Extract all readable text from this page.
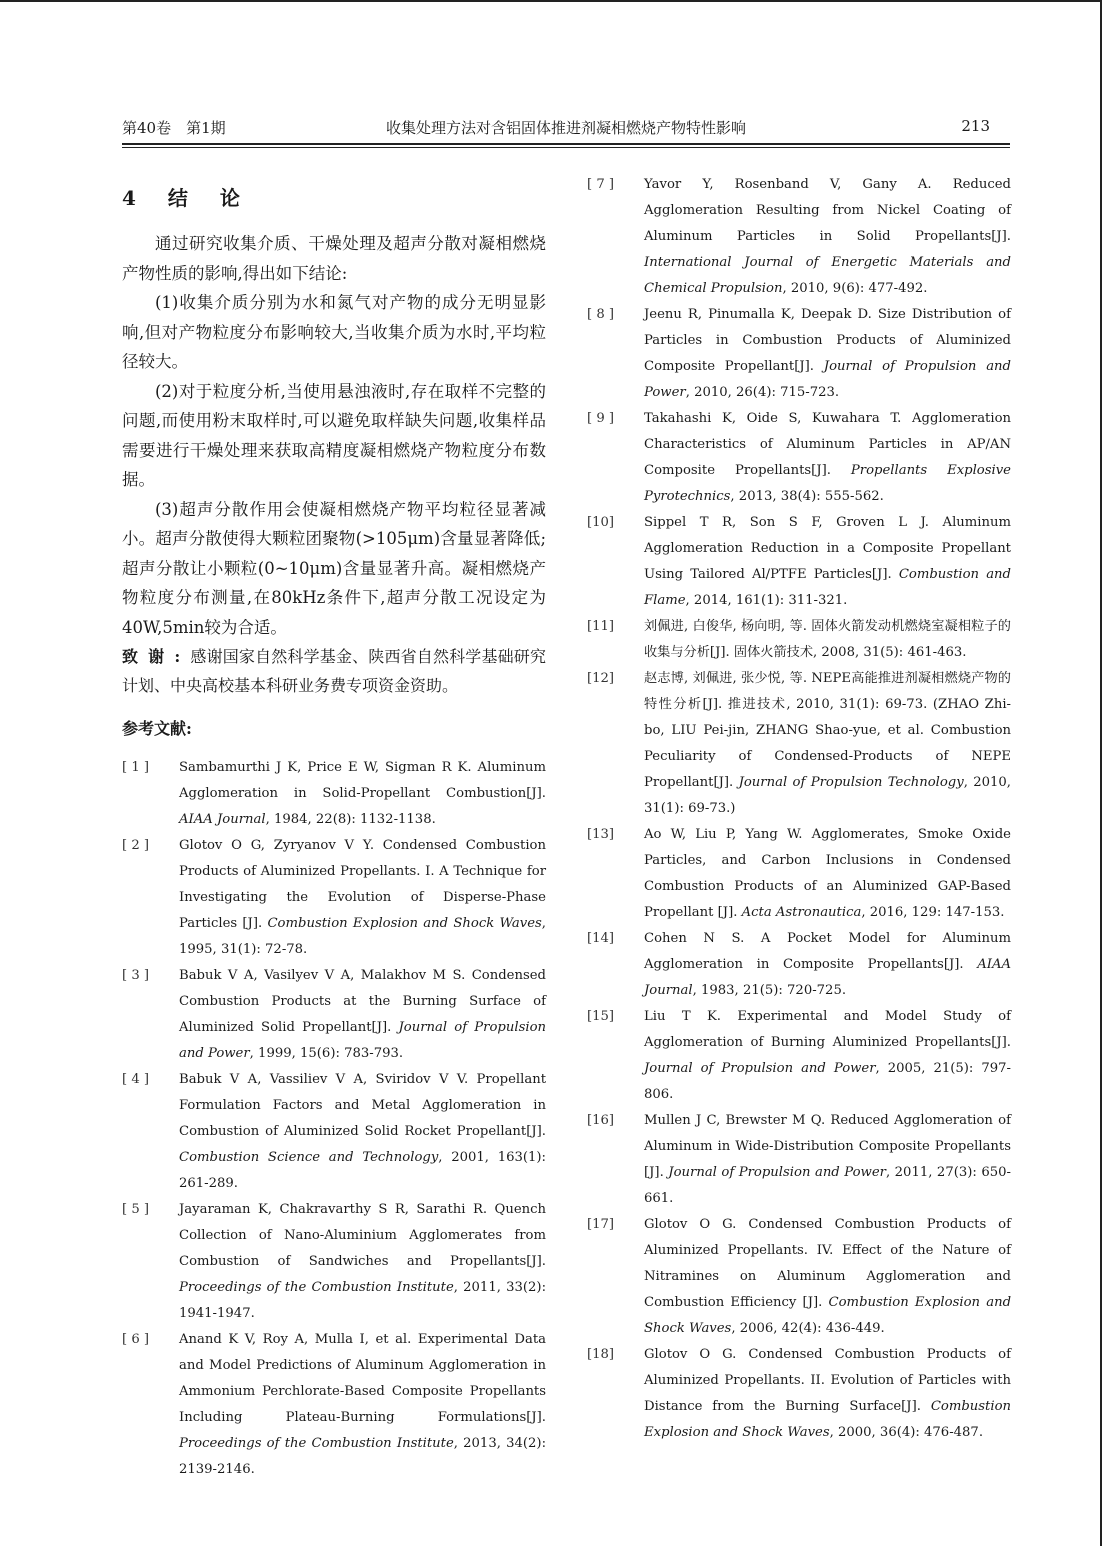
第40卷　第1期	收集处理方法对含铝固体推进剂凝相燃烧产物特性影响	213
4　结　论

通过研究收集介质、干燥处理及超声分散对凝相燃烧产物性质的影响,得出如下结论:

(1)收集介质分别为水和氮气对产物的成分无明显影响,但对产物粒度分布影响较大,当收集介质为水时,平均粒径较大。

(2)对于粒度分析,当使用悬浊液时,存在取样不完整的问题,而使用粉末取样时,可以避免取样缺失问题,收集样品需要进行干燥处理来获取高精度凝相燃烧产物粒度分布数据。

(3)超声分散作用会使凝相燃烧产物平均粒径显著减小。超声分散使得大颗粒团聚物(>105μm)含量显著降低;超声分散让小颗粒(0~10μm)含量显著升高。凝相燃烧产物粒度分布测量,在80kHz条件下,超声分散工况设定为40W,5min较为合适。

致谢:感谢国家自然科学基金、陕西省自然科学基础研究计划、中央高校基本科研业务费专项资金资助。

参考文献:
[ 1 ]	Sambamurthi J K, Price E W, Sigman R K. Aluminum Agglomeration in Solid-Propellant Combustion[J]. AIAA Journal, 1984, 22(8): 1132-1138.
[ 2 ]	Glotov O G, Zyryanov V Y. Condensed Combustion Products of Aluminized Propellants. I. A Technique for Investigating the Evolution of Disperse-Phase Particles [J]. Combustion Explosion and Shock Waves, 1995, 31(1): 72-78.
[ 3 ]	Babuk V A, Vasilyev V A, Malakhov M S. Condensed Combustion Products at the Burning Surface of Aluminized Solid Propellant[J]. Journal of Propulsion and Power, 1999, 15(6): 783-793.
[ 4 ]	Babuk V A, Vassiliev V A, Sviridov V V. Propellant Formulation Factors and Metal Agglomeration in Combustion of Aluminized Solid Rocket Propellant[J]. Combustion Science and Technology, 2001, 163(1): 261-289.
[ 5 ]	Jayaraman K, Chakravarthy S R, Sarathi R. Quench Collection of Nano-Aluminium Agglomerates from Combustion of Sandwiches and Propellants[J]. Proceedings of the Combustion Institute, 2011, 33(2): 1941-1947.
[ 6 ]	Anand K V, Roy A, Mulla I, et al. Experimental Data and Model Predictions of Aluminum Agglomeration in Ammonium Perchlorate-Based Composite Propellants Including Plateau-Burning Formulations[J]. Proceedings of the Combustion Institute, 2013, 34(2): 2139-2146.
[ 7 ]	Yavor Y, Rosenband V, Gany A. Reduced Agglomeration Resulting from Nickel Coating of Aluminum Particles in Solid Propellants[J]. International Journal of Energetic Materials and Chemical Propulsion, 2010, 9(6): 477-492.
[ 8 ]	Jeenu R, Pinumalla K, Deepak D. Size Distribution of Particles in Combustion Products of Aluminized Composite Propellant[J]. Journal of Propulsion and Power, 2010, 26(4): 715-723.
[ 9 ]	Takahashi K, Oide S, Kuwahara T. Agglomeration Characteristics of Aluminum Particles in AP/AN Composite Propellants[J]. Propellants Explosive Pyrotechnics, 2013, 38(4): 555-562.
[10]	Sippel T R, Son S F, Groven L J. Aluminum Agglomeration Reduction in a Composite Propellant Using Tailored Al/PTFE Particles[J]. Combustion and Flame, 2014, 161(1): 311-321.
[11]	刘佩进, 白俊华, 杨向明, 等. 固体火箭发动机燃烧室凝相粒子的收集与分析[J]. 固体火箭技术, 2008, 31(5): 461-463.
[12]	赵志博, 刘佩进, 张少悦, 等. NEPE高能推进剂凝相燃烧产物的特性分析[J]. 推进技术, 2010, 31(1): 69-73. (ZHAO Zhi-bo, LIU Pei-jin, ZHANG Shao-yue, et al. Combustion Peculiarity of Condensed-Products of NEPE Propellant[J]. Journal of Propulsion Technology, 2010, 31(1): 69-73.)
[13]	Ao W, Liu P, Yang W. Agglomerates, Smoke Oxide Particles, and Carbon Inclusions in Condensed Combustion Products of an Aluminized GAP-Based Propellant [J]. Acta Astronautica, 2016, 129: 147-153.
[14]	Cohen N S. A Pocket Model for Aluminum Agglomeration in Composite Propellants[J]. AIAA Journal, 1983, 21(5): 720-725.
[15]	Liu T K. Experimental and Model Study of Agglomeration of Burning Aluminized Propellants[J]. Journal of Propulsion and Power, 2005, 21(5): 797-806.
[16]	Mullen J C, Brewster M Q. Reduced Agglomeration of Aluminum in Wide-Distribution Composite Propellants [J]. Journal of Propulsion and Power, 2011, 27(3): 650-661.
[17]	Glotov O G. Condensed Combustion Products of Aluminized Propellants. IV. Effect of the Nature of Nitramines on Aluminum Agglomeration and Combustion Efficiency [J]. Combustion Explosion and Shock Waves, 2006, 42(4): 436-449.
[18]	Glotov O G. Condensed Combustion Products of Aluminized Propellants. II. Evolution of Particles with Distance from the Burning Surface[J]. Combustion Explosion and Shock Waves, 2000, 36(4): 476-487.
